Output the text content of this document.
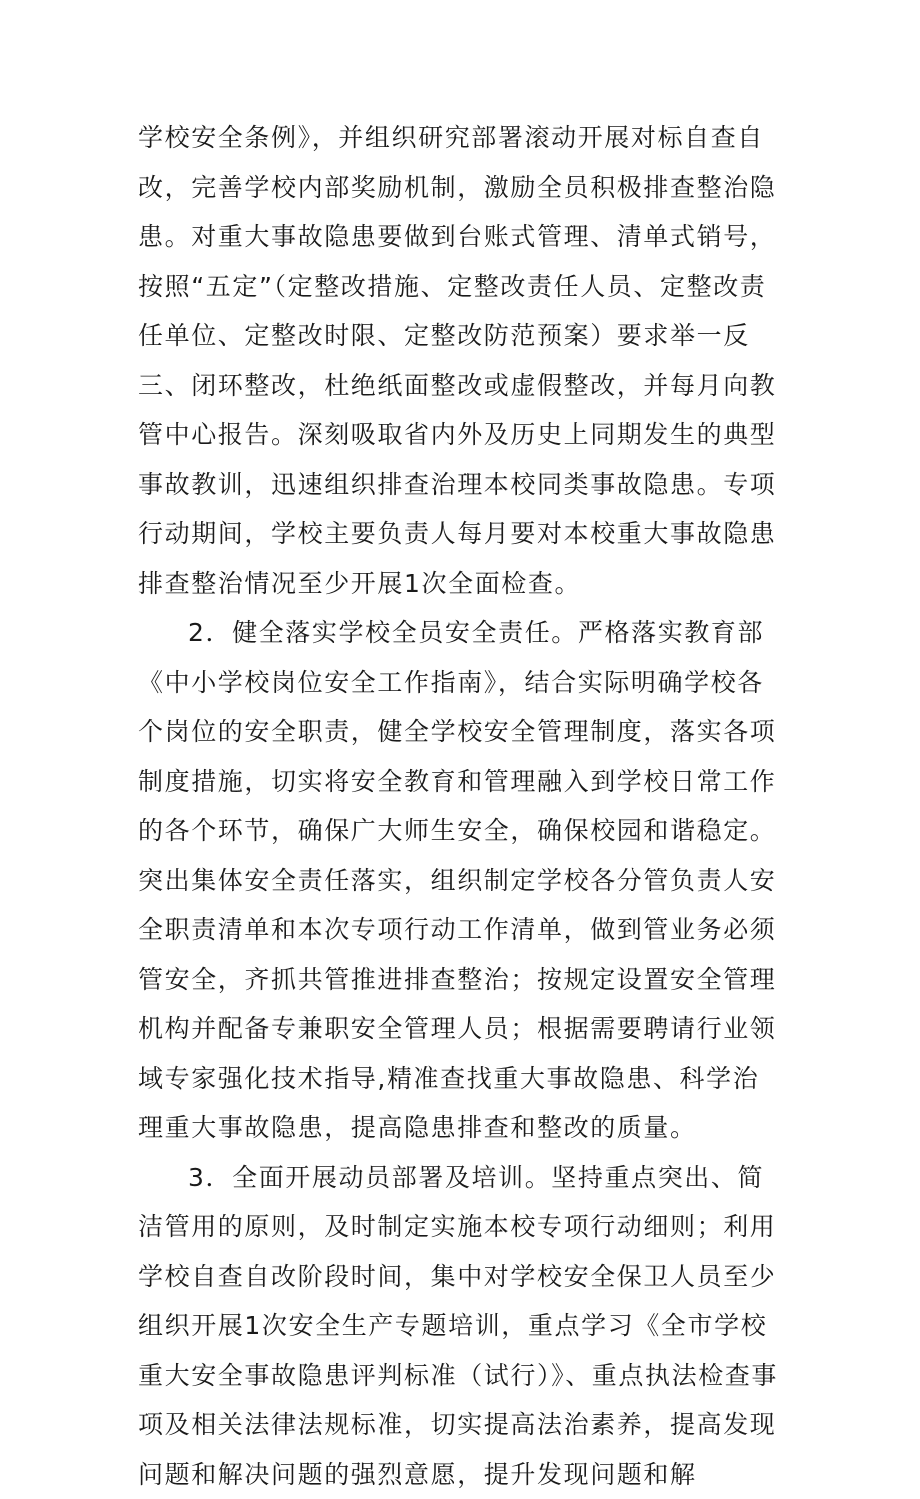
学校安全条例》，并组织研究部署滚动开展对标自查自改，完善学校内部奖励机制，激励全员积极排查整治隐患。对重大事故隐患要做到台账式管理、清单式销号，按照“五定”（定整改措施、定整改责任人员、定整改责任单位、定整改时限、定整改防范预案）要求举一反三、闭环整改，杜绝纸面整改或虚假整改，并每月向教管中心报告。深刻吸取省内外及历史上同期发生的典型事故教训，迅速组织排查治理本校同类事故隐患。专项行动期间，学校主要负责人每月要对本校重大事故隐患排查整治情况至少开展1次全面检查。

2．健全落实学校全员安全责任。严格落实教育部《中小学校岗位安全工作指南》，结合实际明确学校各个岗位的安全职责，健全学校安全管理制度，落实各项制度措施，切实将安全教育和管理融入到学校日常工作的各个环节，确保广大师生安全，确保校园和谐稳定。突出集体安全责任落实，组织制定学校各分管负责人安全职责清单和本次专项行动工作清单，做到管业务必须管安全，齐抓共管推进排查整治；按规定设置安全管理机构并配备专兼职安全管理人员；根据需要聘请行业领域专家强化技术指导,精准查找重大事故隐患、科学治理重大事故隐患，提高隐患排查和整改的质量。

3．全面开展动员部署及培训。坚持重点突出、简洁管用的原则，及时制定实施本校专项行动细则；利用学校自查自改阶段时间，集中对学校安全保卫人员至少组织开展1次安全生产专题培训，重点学习《全市学校重大安全事故隐患评判标准（试行）》、重点执法检查事项及相关法律法规标准，切实提高法治素养，提高发现问题和解决问题的强烈意愿，提升发现问题和解
